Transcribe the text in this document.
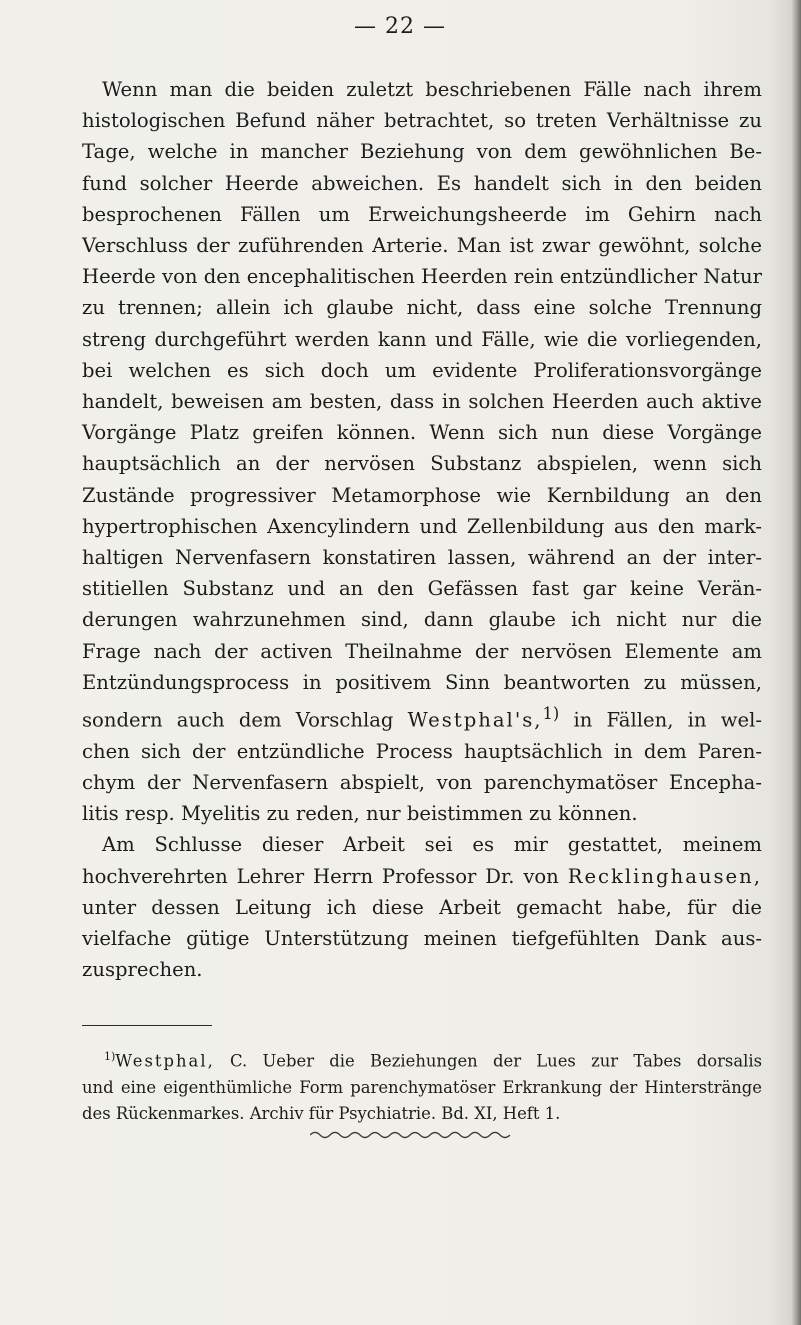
— 22 —
Wenn man die beiden zuletzt beschriebenen Fälle nach ihrem
histologischen Befund näher betrachtet, so treten Verhältnisse zu
Tage, welche in mancher Beziehung von dem gewöhnlichen Be-
fund solcher Heerde abweichen. Es handelt sich in den beiden
besprochenen Fällen um Erweichungsheerde im Gehirn nach
Verschluss der zuführenden Arterie. Man ist zwar gewöhnt, solche
Heerde von den encephalitischen Heerden rein entzündlicher Natur
zu trennen; allein ich glaube nicht, dass eine solche Trennung
streng durchgeführt werden kann und Fälle, wie die vorliegenden,
bei welchen es sich doch um evidente Proliferationsvorgänge
handelt, beweisen am besten, dass in solchen Heerden auch aktive
Vorgänge Platz greifen können. Wenn sich nun diese Vorgänge
hauptsächlich an der nervösen Substanz abspielen, wenn sich
Zustände progressiver Metamorphose wie Kernbildung an den
hypertrophischen Axencylindern und Zellenbildung aus den mark-
haltigen Nervenfasern konstatiren lassen, während an der inter-
stitiellen Substanz und an den Gefässen fast gar keine Verän-
derungen wahrzunehmen sind, dann glaube ich nicht nur die
Frage nach der activen Theilnahme der nervösen Elemente am
Entzündungsprocess in positivem Sinn beantworten zu müssen,
sondern auch dem Vorschlag Westphal's,$^{1)}$ in Fällen, in wel-
chen sich der entzündliche Process hauptsächlich in dem Paren-
chym der Nervenfasern abspielt, von parenchymatöser Encepha-
litis resp. Myelitis zu reden, nur beistimmen zu können.
Am Schlusse dieser Arbeit sei es mir gestattet, meinem
hochverehrten Lehrer Herrn Professor Dr. von Recklinghausen,
unter dessen Leitung ich diese Arbeit gemacht habe, für die
vielfache gütige Unterstützung meinen tiefgefühlten Dank aus-
zusprechen.
$^{1)}$Westphal, C. Ueber die Beziehungen der Lues zur Tabes dorsalis
und eine eigenthümliche Form parenchymatöser Erkrankung der Hinterstränge
des Rückenmarkes. Archiv für Psychiatrie. Bd. XI, Heft 1.
